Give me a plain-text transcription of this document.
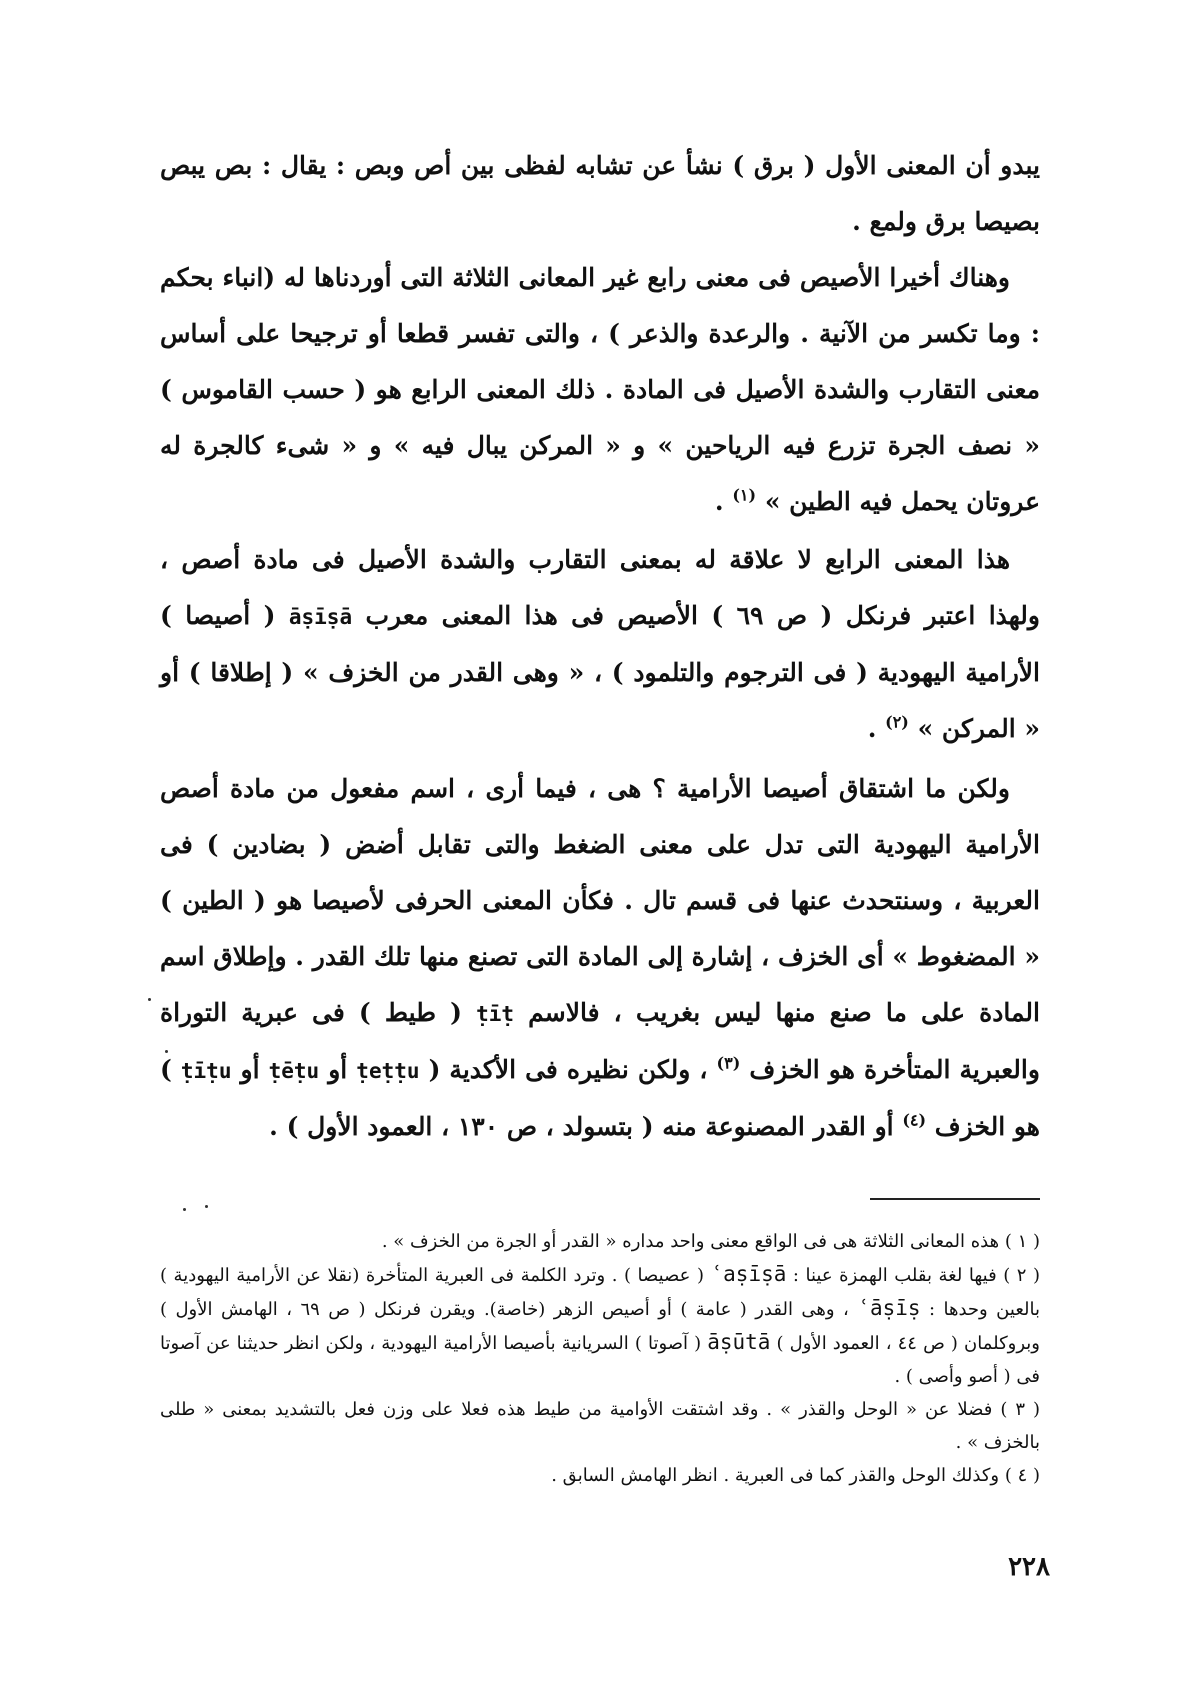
يبدو أن المعنى الأول ( برق ) نشأ عن تشابه لفظى بين أص وبص : يقال : بص يبص بصيصا برق ولمع .

وهناك أخيرا الأصيص فى معنى رابع غير المعانى الثلاثة التى أوردناها له (انباء بحكم : وما تكسر من الآنية . والرعدة والذعر ) ، والتى تفسر قطعا أو ترجيحا على أساس معنى التقارب والشدة الأصيل فى المادة . ذلك المعنى الرابع هو ( حسب القاموس ) « نصف الجرة تزرع فيه الرياحين » و « المركن يبال فيه » و « شىء كالجرة له عروتان يحمل فيه الطين » $^{(١)}$ .

هذا المعنى الرابع لا علاقة له بمعنى التقارب والشدة الأصيل فى مادة أصص ، ولهذا اعتبر فرنكل ( ص ٦٩ ) الأصيص فى هذا المعنى معرب āṣīṣā ( أصيصا ) الأرامية اليهودية ( فى الترجوم والتلمود ) ، « وهى القدر من الخزف » ( إطلاقا ) أو « المركن » $^{(٢)}$ .

ولكن ما اشتقاق أصيصا الأرامية ؟ هى ، فيما أرى ، اسم مفعول من مادة أصص الأرامية اليهودية التى تدل على معنى الضغط والتى تقابل أضض ( بضادين ) فى العربية ، وسنتحدث عنها فى قسم تال . فكأن المعنى الحرفى لأصيصا هو ( الطين ) « المضغوط » أى الخزف ، إشارة إلى المادة التى تصنع منها تلك القدر . وإطلاق اسم المادة على ما صنع منها ليس بغريب ، فالاسم ṭīṭ ( طيط ) فى عبرية التوراة والعبرية المتأخرة هو الخزف $^{(٣)}$ ، ولكن نظيره فى الأكدية ( ṭeṭṭu أو ṭēṭu أو ṭīṭu ) هو الخزف $^{(٤)}$ أو القدر المصنوعة منه ( بتسولد ، ص ١٣٠ ، العمود الأول ) .

( ١ ) هذه المعانى الثلاثة هى فى الواقع معنى واحد مداره « القدر أو الجرة من الخزف » .

( ٢ ) فيها لغة بقلب الهمزة عينا : ʿaṣīṣā ( عصيصا ) . وترد الكلمة فى العبرية المتأخرة (نقلا عن الأرامية اليهودية ) بالعين وحدها : ʿāṣīṣ ، وهى القدر ( عامة ) أو أصيص الزهر (خاصة). ويقرن فرنكل ( ص ٦٩ ، الهامش الأول ) وبروكلمان ( ص ٤٤ ، العمود الأول ) āṣūtā ( آصوتا ) السريانية بأصيصا الأرامية اليهودية ، ولكن انظر حديثنا عن آصوتا فى ( أصو وأصى ) .

( ٣ ) فضلا عن « الوحل والقذر » . وقد اشتقت الأوامية من طيط هذه فعلا على وزن فعل بالتشديد بمعنى « طلى بالخزف » .

( ٤ ) وكذلك الوحل والقذر كما فى العبرية . انظر الهامش السابق .

٢٢٨
